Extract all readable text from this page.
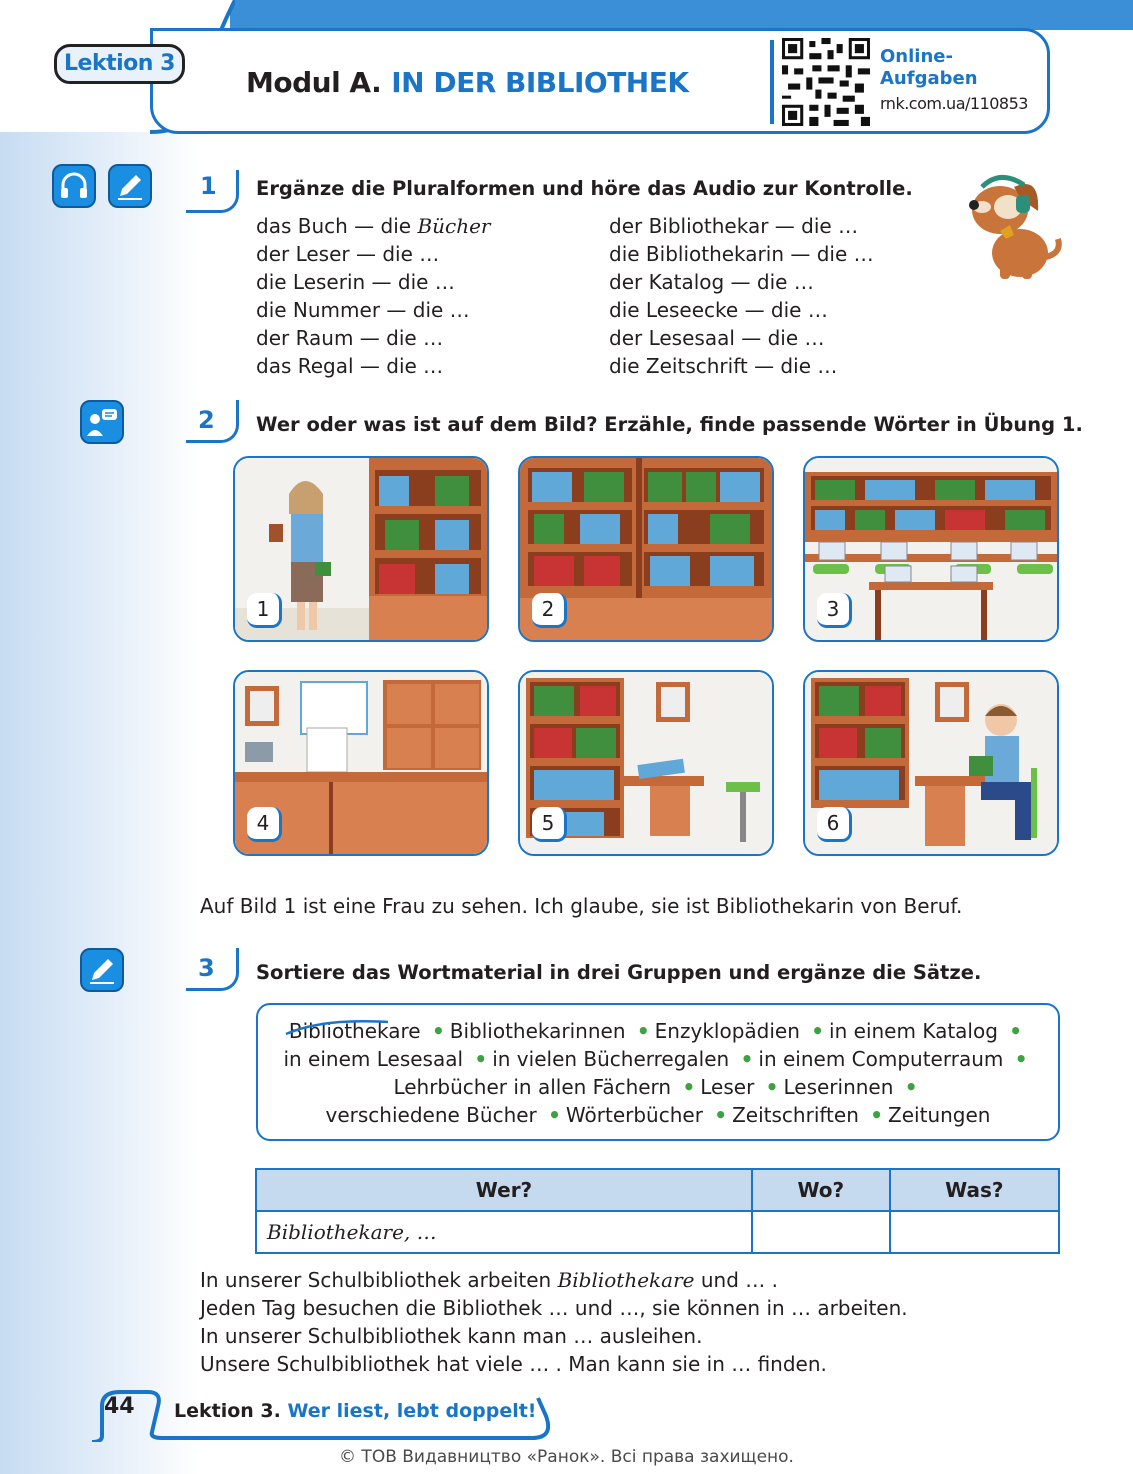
Lektion 3
Modul A. IN DER BIBLIOTHEK
Online-
Aufgaben
rnk.com.ua/110853
1 Ergänze die Pluralformen und höre das Audio zur Kontrolle.
das Buch — die Bücher
der Leser — die …
die Leserin — die …
die Nummer — die …
der Raum — die …
das Regal — die …
der Bibliothekar — die …
die Bibliothekarin — die …
der Katalog — die …
die Leseecke — die …
der Lesesaal — die …
die Zeitschrift — die …
2 Wer oder was ist auf dem Bild? Erzähle, finde passende Wörter in Übung 1.
1	2	3
4	5	6
Auf Bild 1 ist eine Frau zu sehen. Ich glaube, sie ist Bibliothekarin von Beruf.
3 Sortiere das Wortmaterial in drei Gruppen und ergänze die Sätze.
Bibliothekare • Bibliothekarinnen • Enzyklopädien • in einem Katalog •
in einem Lesesaal • in vielen Bücherregalen • in einem Computerraum •
Lehrbücher in allen Fächern • Leser • Leserinnen •
verschiedene Bücher • Wörterbücher • Zeitschriften • Zeitungen
Wer?	Wo?	Was?
Bibliothekare, …		
In unserer Schulbibliothek arbeiten Bibliothekare und … .
Jeden Tag besuchen die Bibliothek … und …, sie können in … arbeiten.
In unserer Schulbibliothek kann man … ausleihen.
Unsere Schulbibliothek hat viele … . Man kann sie in … finden.
44 Lektion 3. Wer liest, lebt doppelt!
© ТОВ Видавництво «Ранок». Всі права захищено.
